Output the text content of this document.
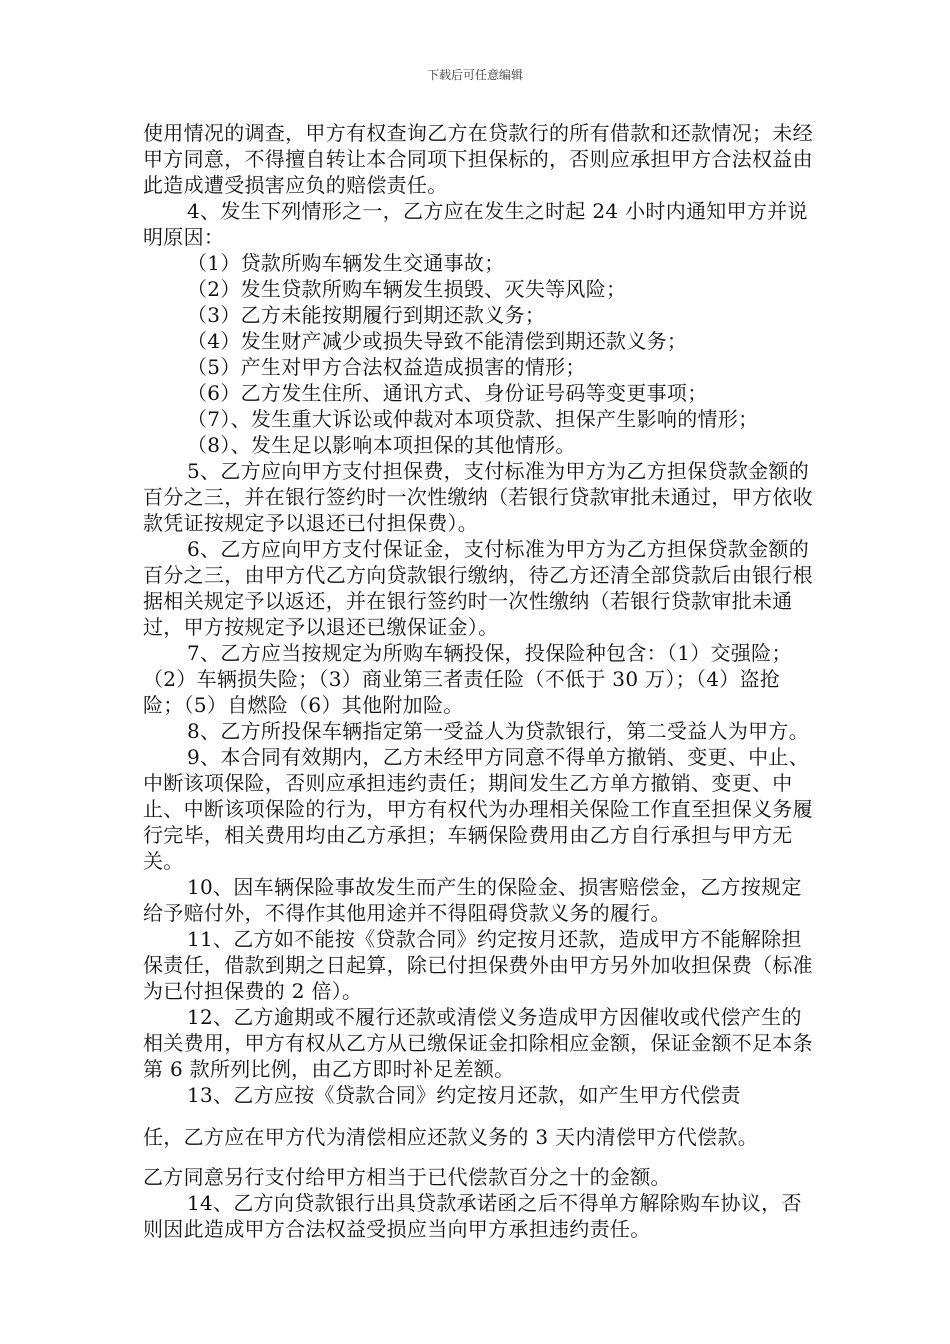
下载后可任意编辑

使用情况的调查，甲方有权查询乙方在贷款行的所有借款和还款情况；未经甲方同意，不得擅自转让本合同项下担保标的，否则应承担甲方合法权益由此造成遭受损害应负的赔偿责任。

4、发生下列情形之一，乙方应在发生之时起 24 小时内通知甲方并说明原因：

（1）贷款所购车辆发生交通事故；
（2）发生贷款所购车辆发生损毁、灭失等风险；
（3）乙方未能按期履行到期还款义务；
（4）发生财产减少或损失导致不能清偿到期还款义务；
（5）产生对甲方合法权益造成损害的情形；
（6）乙方发生住所、通讯方式、身份证号码等变更事项；
（7）、发生重大诉讼或仲裁对本项贷款、担保产生影响的情形；
（8）、发生足以影响本项担保的其他情形。

5、乙方应向甲方支付担保费，支付标准为甲方为乙方担保贷款金额的百分之三，并在银行签约时一次性缴纳（若银行贷款审批未通过，甲方依收款凭证按规定予以退还已付担保费）。

6、乙方应向甲方支付保证金，支付标准为甲方为乙方担保贷款金额的百分之三，由甲方代乙方向贷款银行缴纳，待乙方还清全部贷款后由银行根据相关规定予以返还，并在银行签约时一次性缴纳（若银行贷款审批未通过，甲方按规定予以退还已缴保证金）。

7、乙方应当按规定为所购车辆投保，投保险种包含：（1）交强险；（2）车辆损失险；（3）商业第三者责任险（不低于 30 万）；（4）盗抢险；（5）自燃险（6）其他附加险。

8、乙方所投保车辆指定第一受益人为贷款银行，第二受益人为甲方。

9、本合同有效期内，乙方未经甲方同意不得单方撤销、变更、中止、中断该项保险，否则应承担违约责任；期间发生乙方单方撤销、变更、中止、中断该项保险的行为，甲方有权代为办理相关保险工作直至担保义务履行完毕，相关费用均由乙方承担；车辆保险费用由乙方自行承担与甲方无关。

10、因车辆保险事故发生而产生的保险金、损害赔偿金，乙方按规定给予赔付外，不得作其他用途并不得阻碍贷款义务的履行。

11、乙方如不能按《贷款合同》约定按月还款，造成甲方不能解除担保责任，借款到期之日起算，除已付担保费外由甲方另外加收担保费（标准为已付担保费的 2 倍）。

12、乙方逾期或不履行还款或清偿义务造成甲方因催收或代偿产生的相关费用，甲方有权从乙方从已缴保证金扣除相应金额，保证金额不足本条第 6 款所列比例，由乙方即时补足差额。

13、乙方应按《贷款合同》约定按月还款，如产生甲方代偿责
任，乙方应在甲方代为清偿相应还款义务的 3 天内清偿甲方代偿款。
乙方同意另行支付给甲方相当于已代偿款百分之十的金额。

14、乙方向贷款银行出具贷款承诺函之后不得单方解除购车协议，否则因此造成甲方合法权益受损应当向甲方承担违约责任。
